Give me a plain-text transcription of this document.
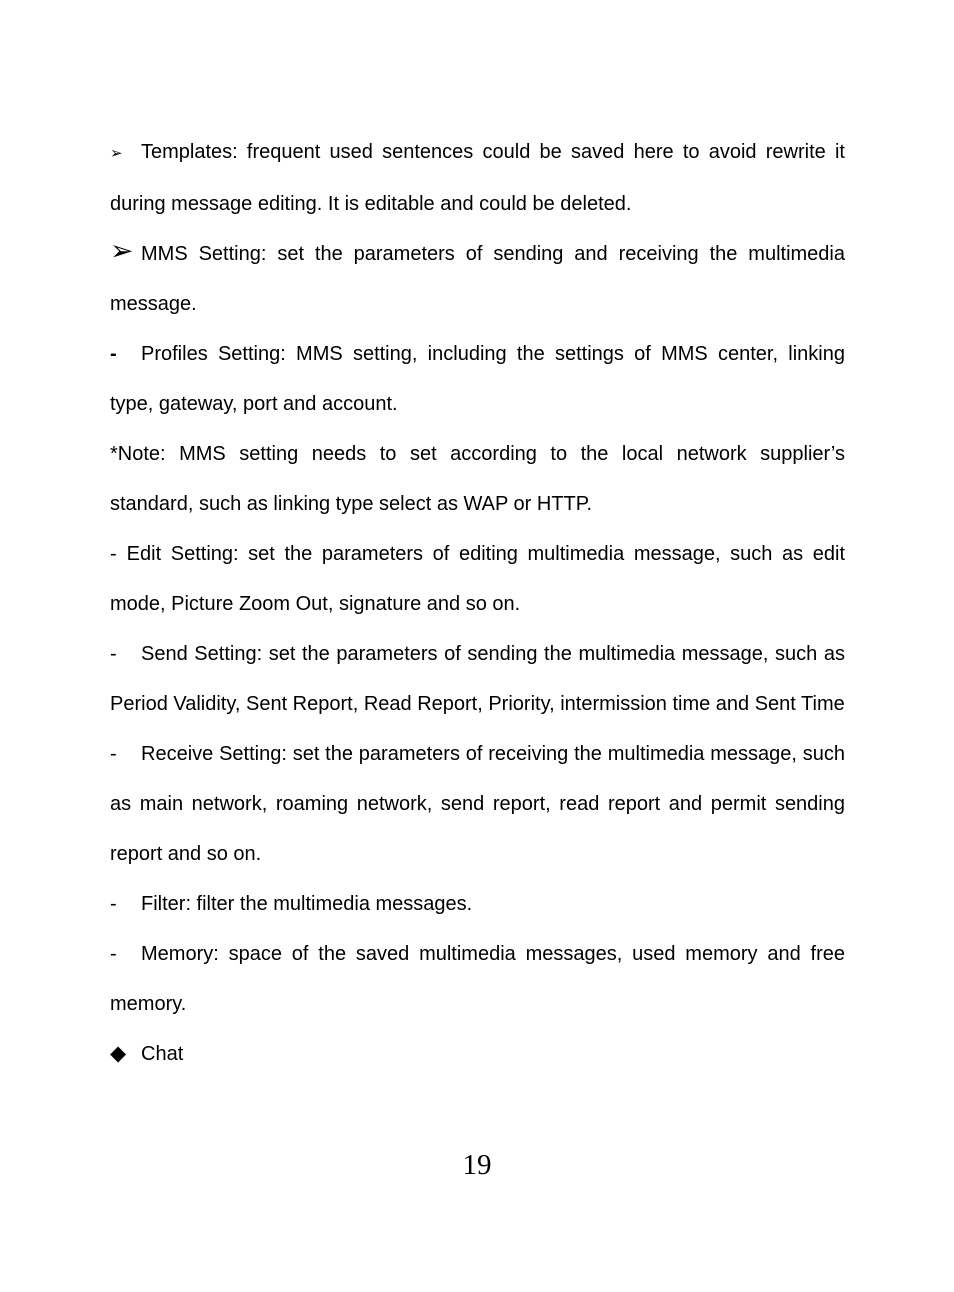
➢ Templates: frequent used sentences could be saved here to avoid rewrite it during message editing. It is editable and could be deleted.

➢ MMS Setting: set the parameters of sending and receiving the multimedia message.

- Profiles Setting: MMS setting, including the settings of MMS center, linking type, gateway, port and account.

*Note: MMS setting needs to set according to the local network supplier’s standard, such as linking type select as WAP or HTTP.

- Edit Setting: set the parameters of editing multimedia message, such as edit mode, Picture Zoom Out, signature and so on.

- Send Setting: set the parameters of sending the multimedia message, such as Period Validity, Sent Report, Read Report, Priority, intermission time and Sent Time

- Receive Setting: set the parameters of receiving the multimedia message, such as main network, roaming network, send report, read report and permit sending report and so on.

- Filter: filter the multimedia messages.

- Memory: space of the saved multimedia messages, used memory and free memory.

◆ Chat

19
